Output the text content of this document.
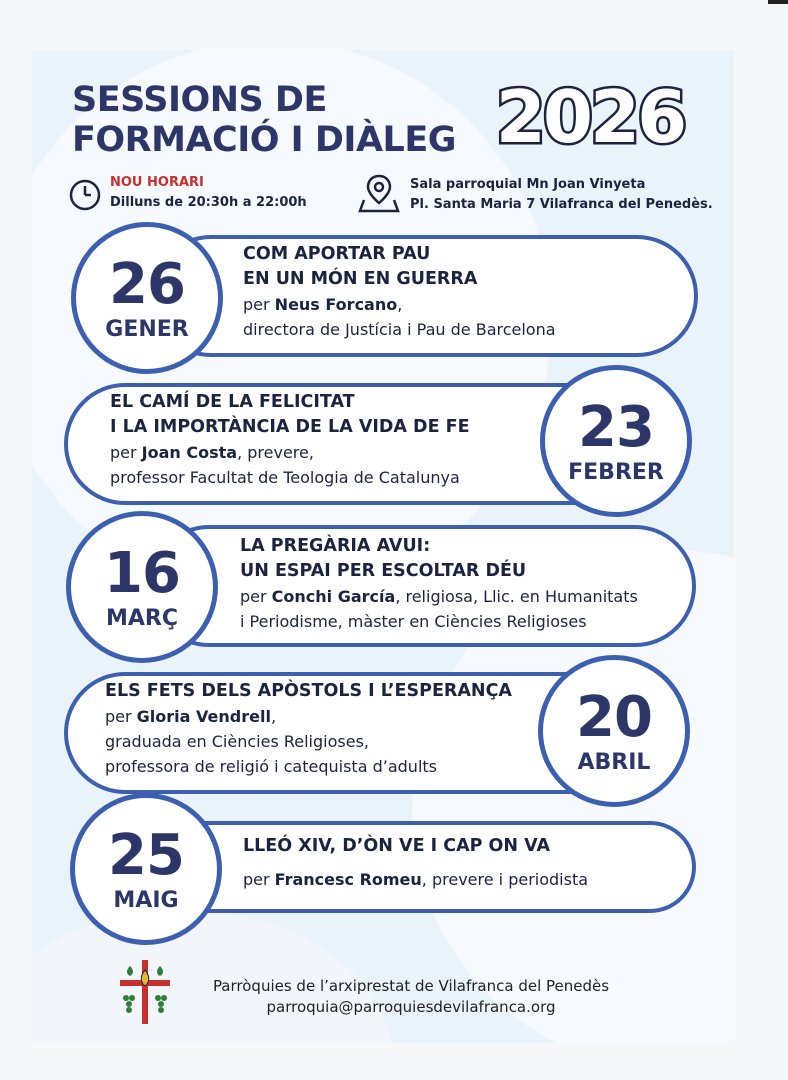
SESSIONS DE
FORMACIÓ I DIÀLEG 2026
NOU HORARI
Dilluns de 20:30h a 22:00h
Sala parroquial Mn Joan Vinyeta
Pl. Santa Maria 7 Vilafranca del Penedès.
26
GENER
COM APORTAR PAU
EN UN MÓN EN GUERRA
per Neus Forcano,
directora de Justícia i Pau de Barcelona
23
FEBRER
EL CAMÍ DE LA FELICITAT
I LA IMPORTÀNCIA DE LA VIDA DE FE
per Joan Costa, prevere,
professor Facultat de Teologia de Catalunya
16
MARÇ
LA PREGÀRIA AVUI:
UN ESPAI PER ESCOLTAR DÉU
per Conchi García, religiosa, Llic. en Humanitats
i Periodisme, màster en Ciències Religioses
20
ABRIL
ELS FETS DELS APÒSTOLS I L’ESPERANÇA
per Gloria Vendrell,
graduada en Ciències Religioses,
professora de religió i catequista d’adults
25
MAIG
LLEÓ XIV, D’ÒN VE I CAP ON VA
per Francesc Romeu, prevere i periodista
Parròquies de l’arxiprestat de Vilafranca del Penedès
parroquia@parroquiesdevilafranca.org
